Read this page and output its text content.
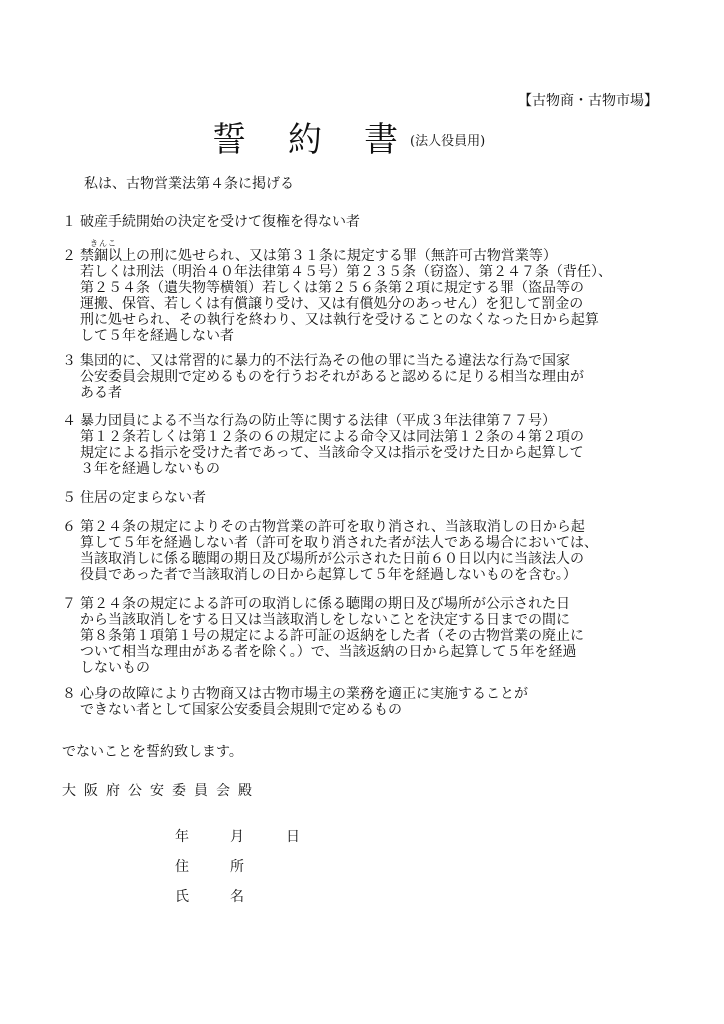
【古物商・古物市場】
誓 約 書 (法人役員用)
私は、古物営業法第４条に掲げる
きんこ
１ 破産手続開始の決定を受けて復権を得ない者
２ 禁錮以上の刑に処せられ、又は第３１条に規定する罪（無許可古物営業等）
若しくは刑法（明治４０年法律第４５号）第２３５条（窃盗）、第２４７条（背任）、
第２５４条（遺失物等横領）若しくは第２５６条第２項に規定する罪（盗品等の
運搬、保管、若しくは有償譲り受け、又は有償処分のあっせん）を犯して罰金の
刑に処せられ、その執行を終わり、又は執行を受けることのなくなった日から起算
して５年を経過しない者
３ 集団的に、又は常習的に暴力的不法行為その他の罪に当たる違法な行為で国家
公安委員会規則で定めるものを行うおそれがあると認めるに足りる相当な理由が
ある者
４ 暴力団員による不当な行為の防止等に関する法律（平成３年法律第７７号）
第１２条若しくは第１２条の６の規定による命令又は同法第１２条の４第２項の
規定による指示を受けた者であって、当該命令又は指示を受けた日から起算して
３年を経過しないもの
５ 住居の定まらない者
６ 第２４条の規定によりその古物営業の許可を取り消され、当該取消しの日から起
算して５年を経過しない者（許可を取り消された者が法人である場合においては、
当該取消しに係る聴聞の期日及び場所が公示された日前６０日以内に当該法人の
役員であった者で当該取消しの日から起算して５年を経過しないものを含む。）
７ 第２４条の規定による許可の取消しに係る聴聞の期日及び場所が公示された日
から当該取消しをする日又は当該取消しをしないことを決定する日までの間に
第８条第１項第１号の規定による許可証の返納をした者（その古物営業の廃止に
ついて相当な理由がある者を除く。）で、当該返納の日から起算して５年を経過
しないもの
８ 心身の故障により古物商又は古物市場主の業務を適正に実施することが
できない者として国家公安委員会規則で定めるもの
でないことを誓約致します。
大阪府公安委員会殿
年	月	日
住	所
氏	名
